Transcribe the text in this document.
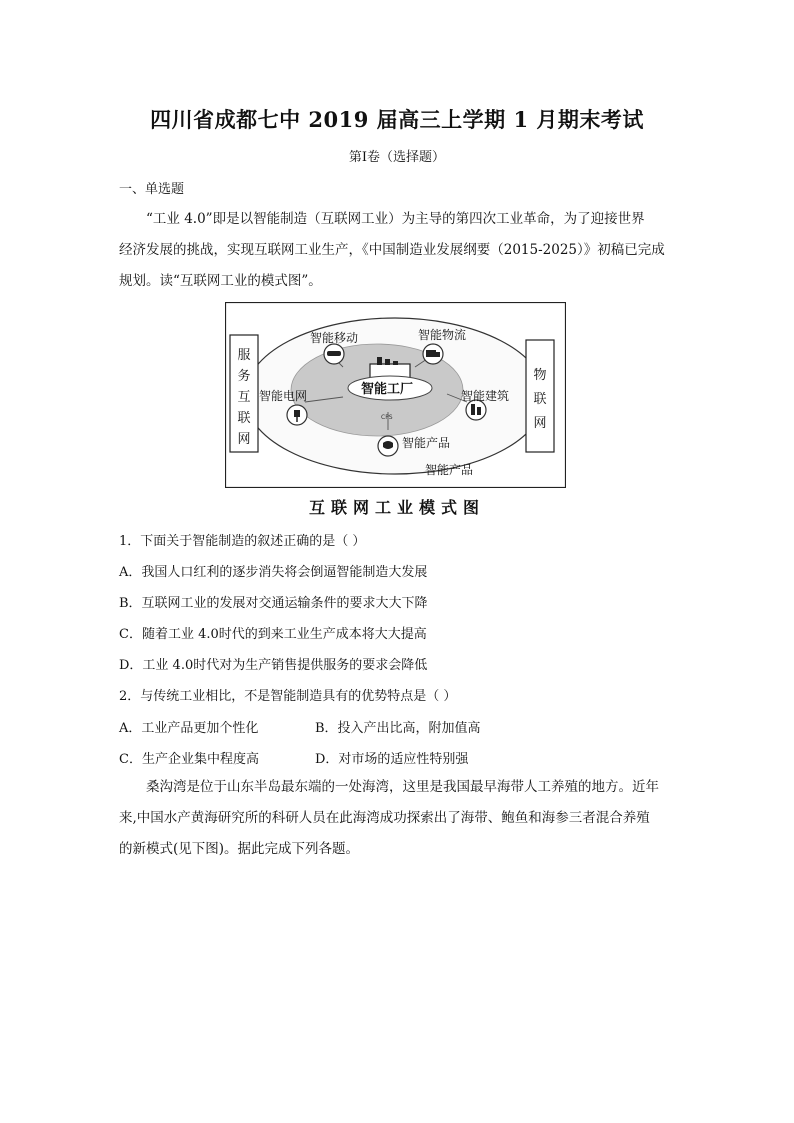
四川省成都七中 2019 届高三上学期 1 月期末考试
第Ⅰ卷（选择题）
一、单选题
“工业 4.0”即是以智能制造（互联网工业）为主导的第四次工业革命，为了迎接世界
经济发展的挑战，实现互联网工业生产，《中国制造业发展纲要（2015-2025）》初稿已完成
规划。读“互联网工业的模式图”。
CPS
智能移动	智能物流
智能电网	智能建筑
智能产品
智能产品
智能工厂
服
务
互
联
网
物
联
网
互联网工业模式图
1．下面关于智能制造的叙述正确的是（ ）
A．我国人口红利的逐步消失将会倒逼智能制造大发展
B．互联网工业的发展对交通运输条件的要求大大下降
C．随着工业 4.0时代的到来工业生产成本将大大提高
D．工业 4.0时代对为生产销售提供服务的要求会降低
2．与传统工业相比，不是智能制造具有的优势特点是（ ）
A．工业产品更加个性化	B．投入产出比高，附加值高
C．生产企业集中程度高	D．对市场的适应性特别强
桑沟湾是位于山东半岛最东端的一处海湾，这里是我国最早海带人工养殖的地方。近年
来,中国水产黄海研究所的科研人员在此海湾成功探索出了海带、鲍鱼和海参三者混合养殖
的新模式(见下图)。据此完成下列各题。
